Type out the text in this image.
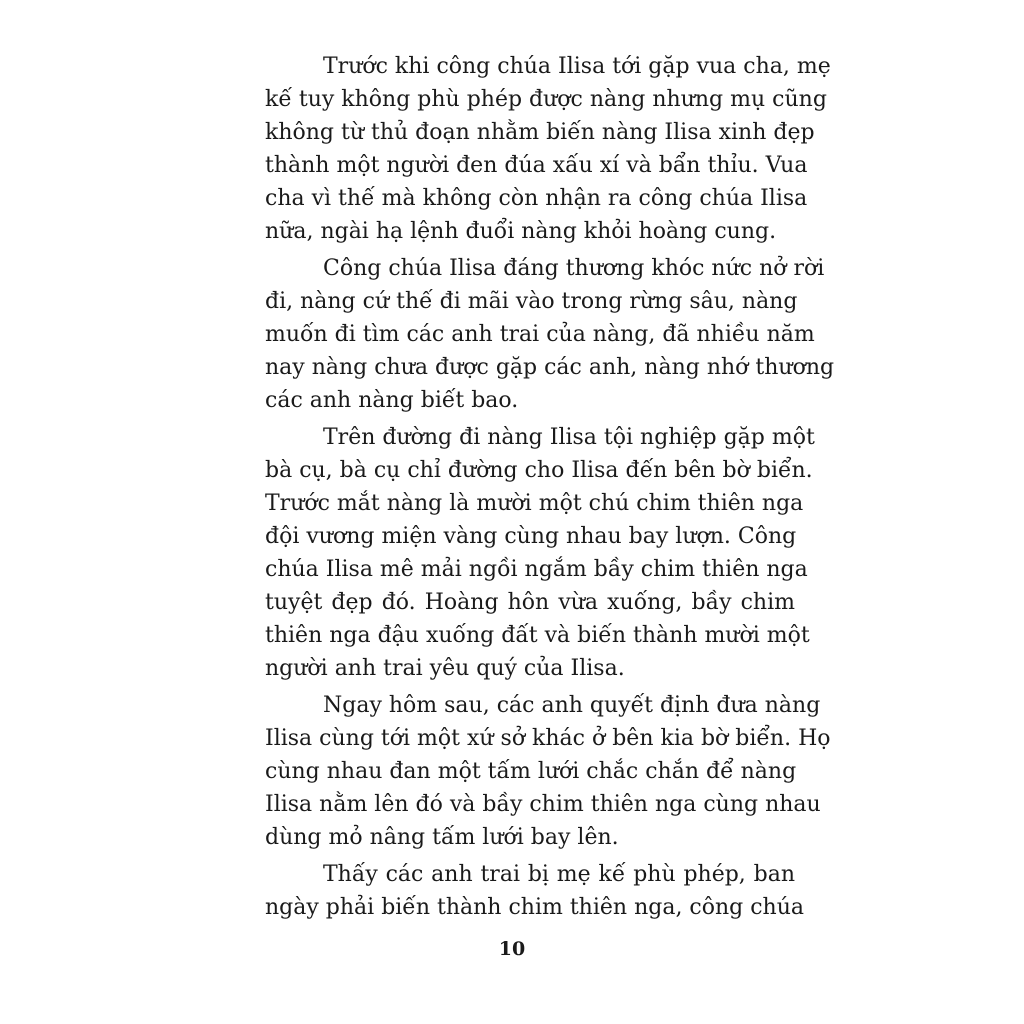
Trước khi công chúa Ilisa tới gặp vua cha, mẹ
kế tuy không phù phép được nàng nhưng mụ cũng
không từ thủ đoạn nhằm biến nàng Ilisa xinh đẹp
thành một người đen đúa xấu xí và bẩn thỉu. Vua
cha vì thế mà không còn nhận ra công chúa Ilisa
nữa, ngài hạ lệnh đuổi nàng khỏi hoàng cung.
Công chúa Ilisa đáng thương khóc nức nở rời
đi, nàng cứ thế đi mãi vào trong rừng sâu, nàng
muốn đi tìm các anh trai của nàng, đã nhiều năm
nay nàng chưa được gặp các anh, nàng nhớ thương
các anh nàng biết bao.
Trên đường đi nàng Ilisa tội nghiệp gặp một
bà cụ, bà cụ chỉ đường cho Ilisa đến bên bờ biển.
Trước mắt nàng là mười một chú chim thiên nga
đội vương miện vàng cùng nhau bay lượn. Công
chúa Ilisa mê mải ngồi ngắm bầy chim thiên nga
tuyệt đẹp đó. Hoàng hôn vừa xuống, bầy chim
thiên nga đậu xuống đất và biến thành mười một
người anh trai yêu quý của Ilisa.
Ngay hôm sau, các anh quyết định đưa nàng
Ilisa cùng tới một xứ sở khác ở bên kia bờ biển. Họ
cùng nhau đan một tấm lưới chắc chắn để nàng
Ilisa nằm lên đó và bầy chim thiên nga cùng nhau
dùng mỏ nâng tấm lưới bay lên.
Thấy các anh trai bị mẹ kế phù phép, ban
ngày phải biến thành chim thiên nga, công chúa
10
